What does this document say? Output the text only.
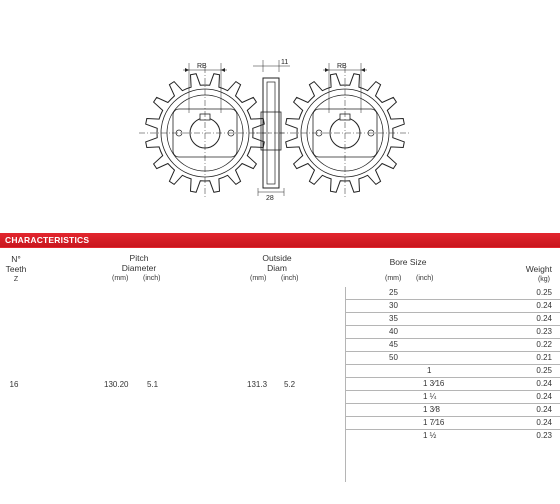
11
28
RB	RB
CHARACTERISTICS
N°
Teeth
Z
Pitch
Diameter
(mm) (inch)
Outside
Diam
(mm) (inch)
Bore Size
(mm) (inch)
Weight
(kg)
16	130.20 5.1	131.3 5.2
25	0.25
30	0.24
35	0.24
40	0.23
45	0.22
50	0.21
1	0.25
1 3⁄16	0.24
1 ¼	0.24
1 3⁄8	0.24
1 7⁄16	0.24
1 ½	0.23
